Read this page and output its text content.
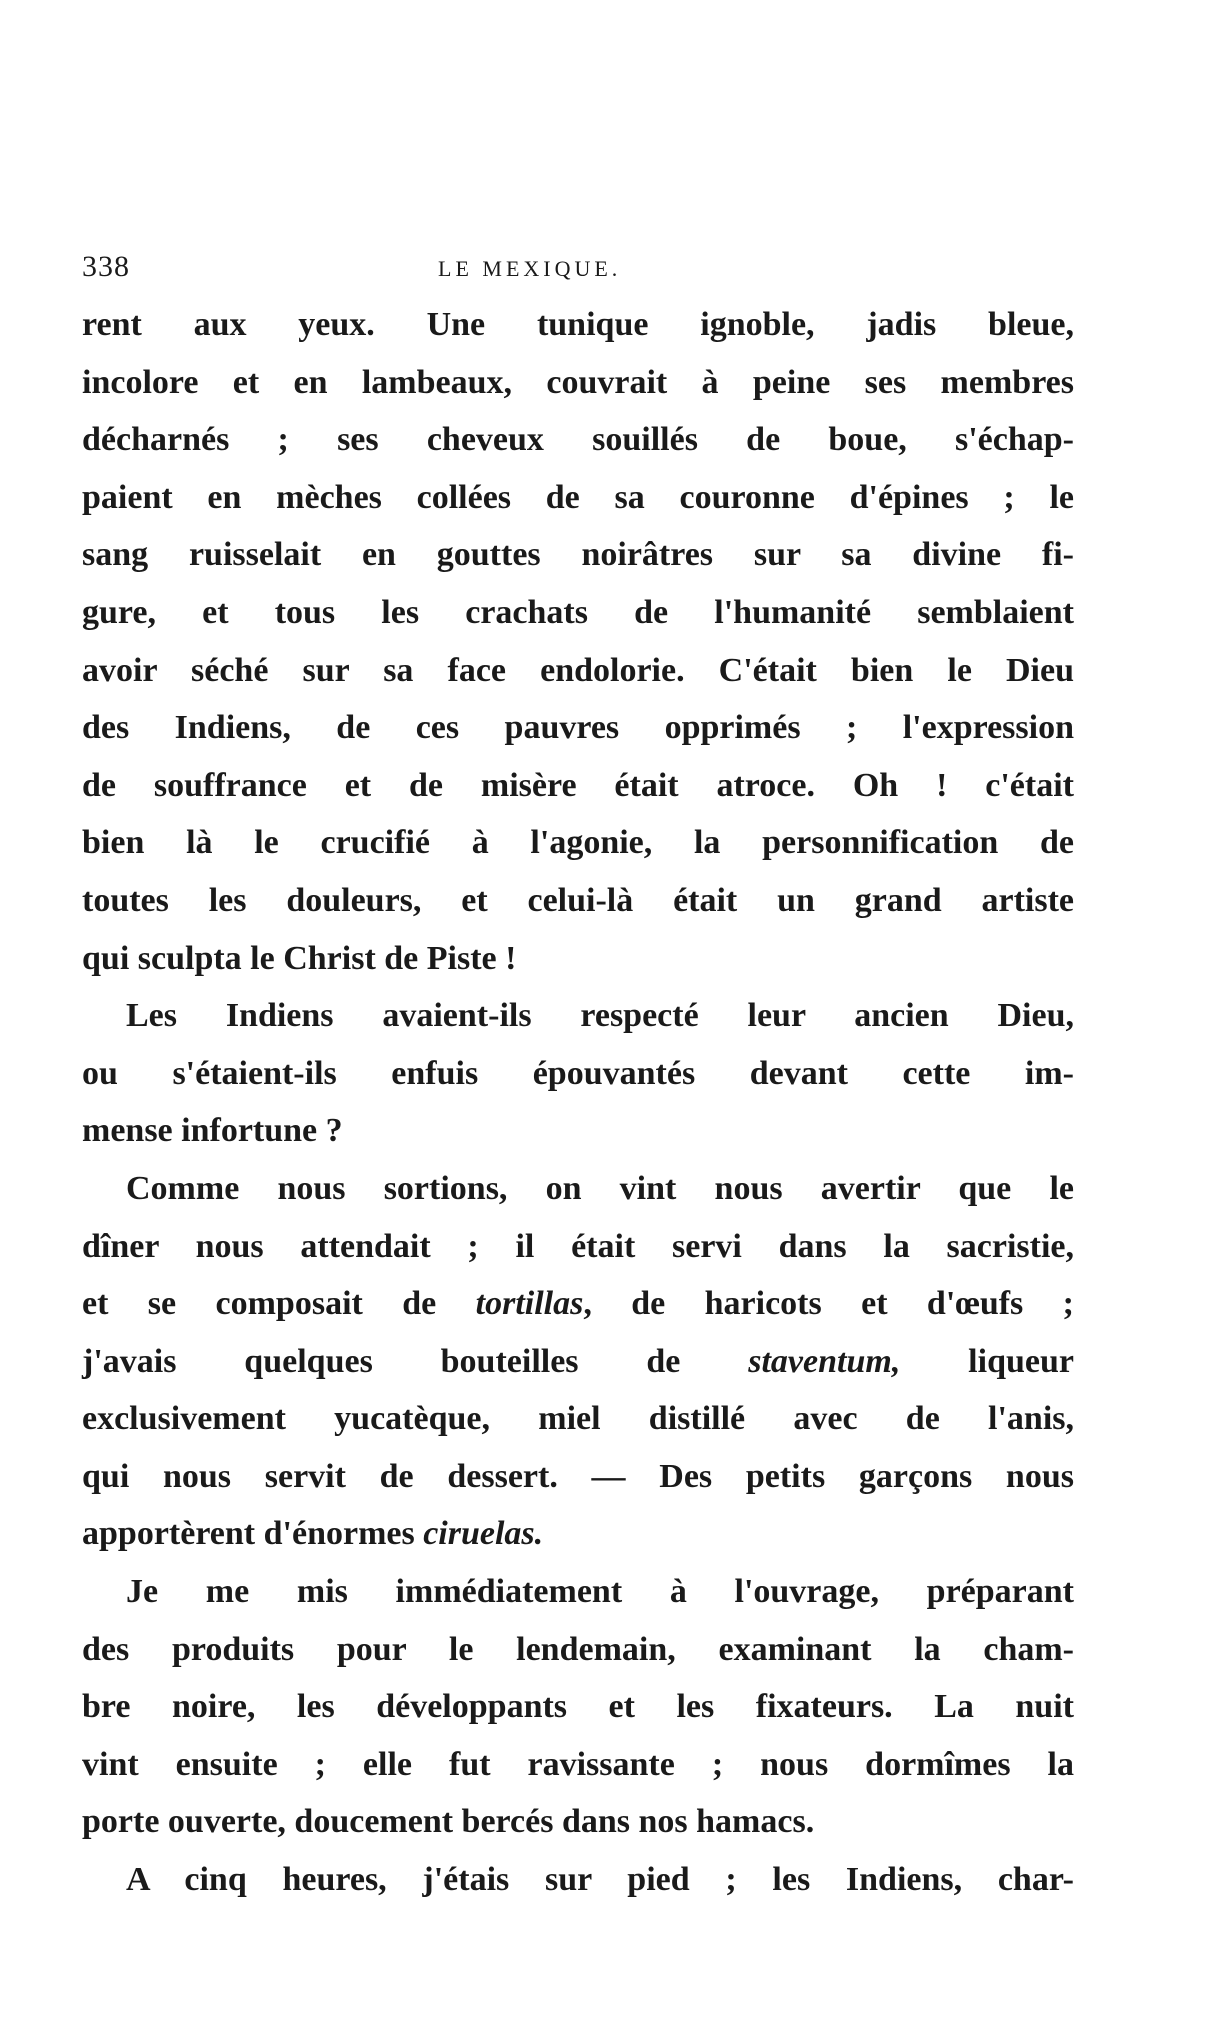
338	LE MEXIQUE.
rent aux yeux. Une tunique ignoble, jadis bleue,
incolore et en lambeaux, couvrait à peine ses membres
décharnés ; ses cheveux souillés de boue, s'échap-
paient en mèches collées de sa couronne d'épines ; le
sang ruisselait en gouttes noirâtres sur sa divine fi-
gure, et tous les crachats de l'humanité semblaient
avoir séché sur sa face endolorie. C'était bien le Dieu
des Indiens, de ces pauvres opprimés ; l'expression
de souffrance et de misère était atroce. Oh ! c'était
bien là le crucifié à l'agonie, la personnification de
toutes les douleurs, et celui-là était un grand artiste
qui sculpta le Christ de Piste !
Les Indiens avaient-ils respecté leur ancien Dieu,
ou s'étaient-ils enfuis épouvantés devant cette im-
mense infortune ?
Comme nous sortions, on vint nous avertir que le
dîner nous attendait ; il était servi dans la sacristie,
et se composait de tortillas, de haricots et d'œufs ;
j'avais quelques bouteilles de staventum, liqueur
exclusivement yucatèque, miel distillé avec de l'anis,
qui nous servit de dessert. — Des petits garçons nous
apportèrent d'énormes ciruelas.
Je me mis immédiatement à l'ouvrage, préparant
des produits pour le lendemain, examinant la cham-
bre noire, les développants et les fixateurs. La nuit
vint ensuite ; elle fut ravissante ; nous dormîmes la
porte ouverte, doucement bercés dans nos hamacs.
A cinq heures, j'étais sur pied ; les Indiens, char-
